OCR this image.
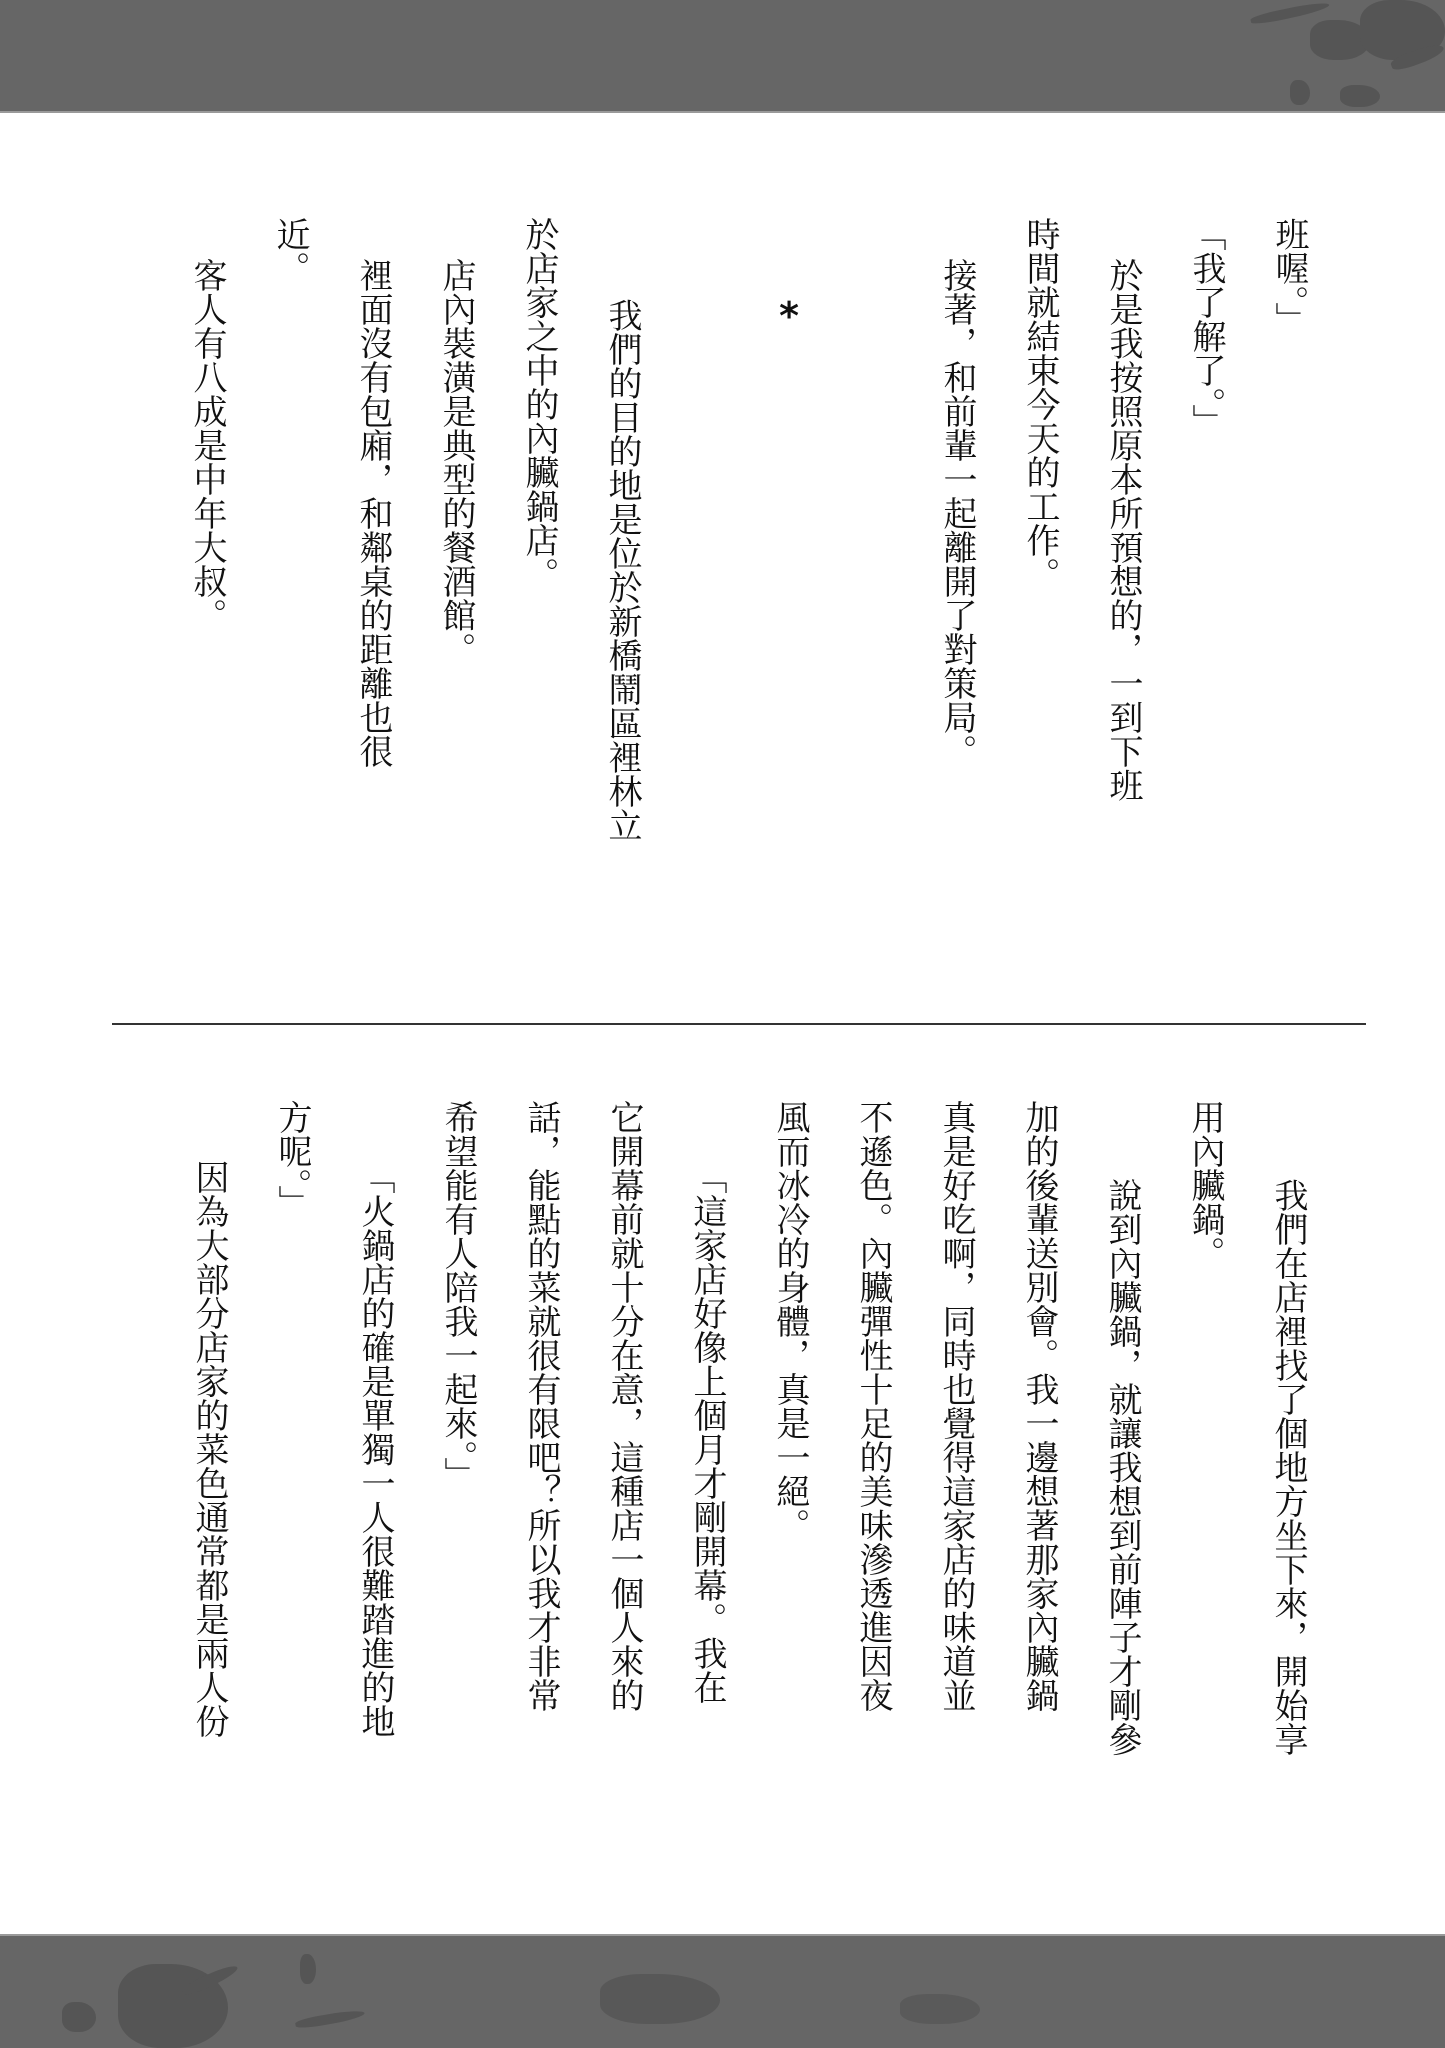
班喔。」
「我了解了。」
於是我按照原本所預想的，一到下班
時間就結束今天的工作。
接著，和前輩一起離開了對策局。
我們的目的地是位於新橋鬧區裡林立
於店家之中的內臟鍋店。
店內裝潢是典型的餐酒館。
裡面沒有包廂，和鄰桌的距離也很
近。
客人有八成是中年大叔。	*
我們在店裡找了個地方坐下來，開始享
用內臟鍋。
說到內臟鍋，就讓我想到前陣子才剛參
加的後輩送別會。我一邊想著那家內臟鍋
真是好吃啊，同時也覺得這家店的味道並
不遜色。內臟彈性十足的美味滲透進因夜
風而冰冷的身體，真是一絕。
「這家店好像上個月才剛開幕。我在
它開幕前就十分在意，這種店一個人來的
話，能點的菜就很有限吧？所以我才非常
希望能有人陪我一起來。」
「火鍋店的確是單獨一人很難踏進的地
方呢。」
因為大部分店家的菜色通常都是兩人份
